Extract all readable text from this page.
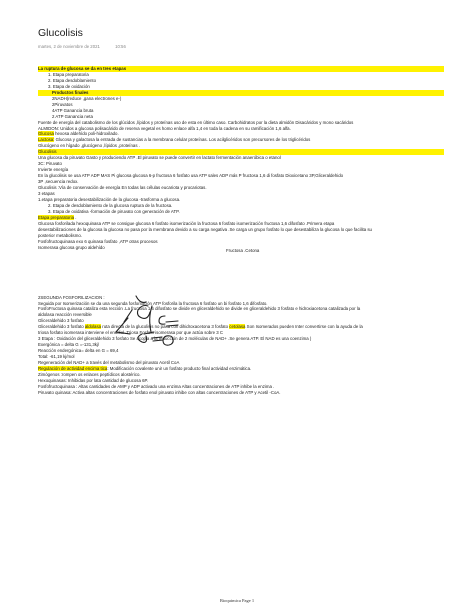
Glucolisis
martes, 2 de noviembre de 2021	10:56
La ruptura de glucosa se da en tres etapas
1. Etapa preparatoria
2. Etapa desdoblamiento
3. Etapa de oxidación
Productos finales
2NADH(reduce ,gana electrones e-)
2Piruvatos
4ATP Ganancia bruta
2 ATP Ganancia neta
Fuente de energía del catabolismo de los glúcidos ,lípidos y proteínas uso de esta en último caso. Carbohidratos por la dieta almidón Disacáridos y mono sacáridos
ALMIDON: Unidos a glucosa polisacárido de reserva vegetal es homo enlace alfa 1,4 en toda la cadena en su ramificación 1,6 alfa.
Glucosa hexosa aldehído poli-hidroxilado.
Lactosa: Glucosa y galactosa la entrada de sustancias a la membrana celular proteínas. Los acilglicéridos son precursores de los triglicéridos
Glucógeno en hígado ,glucógeno ,lípidos ,proteínas .
Glucolisis
Una glucosa da piruvato Gasto y produciendo ATP .El piruvato se puede convertir en lactato fermentación anaeróbica o etanol
3C: Piruvato
Invierte energía
En la glucolisis se usa ATP ADP MAS Pi glucosa glucosa 6-p fructosa 6 fosfato usa ATP sales ADP más P fructosa 1,6 di fosfato Dioxicetano 3P,Gliceraldehido
3P ,secuencia redox.
Glucolisis :Vía de conservación de energía En todas las células eucariota y procariotas.
3 etapas
1.etapa preparatoria desestabilización de la glucosa -trasforma a glucosa.
2. Etapa de desdoblamiento de la glucosa ruptura de la fructosa.
3. Etapa de oxidativa -formación de piruvato con generación de ATP.
Etapa preparatoria .
Glucosa fosforilada hexoquinasa ATP se consigue glucosa 6 fosfato isomerización la fructosa 6 fosfato isomerización fructosa 1,6 difosfato .Primera etapa
desestabilizaciones de la glucosa la glucosa no pasa por la membrana devido a su carga negativa .Se carga un grupo fosfato lo que desestabiliza la glucosa lo que facilita su
posterior metabolismo.
Fosfofructoquinasa exo 6 quinasa fosfato ,ATP otras procesos
Isomerasa glucosa grupo aldehído
Fructosa .Cetona
2SEGUNDA FOSFORILIZACION :
Seguida por Isomerización se da una segunda fosforilación ATP fosforila la fructosa 6 fosfato un bi fosfato 1,6 difosfato.
FosfoFructosa quinasa cataliza esta rección .La fructosa 1,6 difosfato se divide en gliceraldehido se divide en gliceraldehido 3 fosfato e hidroxiacetona catalizada por la
aldolasa reacción reversible
Gliceraldehido 3 fosfato
Gliceraldehido 3 fosfato aldolasa ruta directa de la glucolisis no pasa con dihidroxacetona 3 fosfato cetolasa Son Isomerados pueden Inter convertirse con la ayuda de la
triosa fosfato isomerasa interviene el enodiol .Triosa Fosfato isomerasa por que actúa sobre 3 C
3 Etapa : Oxidación del gliceraldehido 3 fosfato Se acopla a la reducción de 2 moléculas de NAD+ .Se genera ATP. El NAD es una coenzima )
Exergónica = delta G =-131,3kj/
Reacción endergónica= delta en G = 69,4
Total: -61,19 kj/mol
Regeneración del NAD+ a través del metabolismo del piruvato Acetil CoA
Regulación de actividad encima tica: Modificación covalente unir un fosfato producto final actividad enzimática.
Zimógenos :rompen os enlaces peptídicos alostérico.
Hexoquinasas: Inhibidas por lata cantidad de glucosa 6P.
Fosfofructoquinasa : Altas cantidades de AMP y ADP activado una enzima Altas concentraciones de ATP inhibe la enzima .
Piruvato quinasa: Activa altas concentraciones de fosfato enol piruvato inhibe con altas concentraciones de ATP y Acetil -CoA.
Bioquimica Page 1
